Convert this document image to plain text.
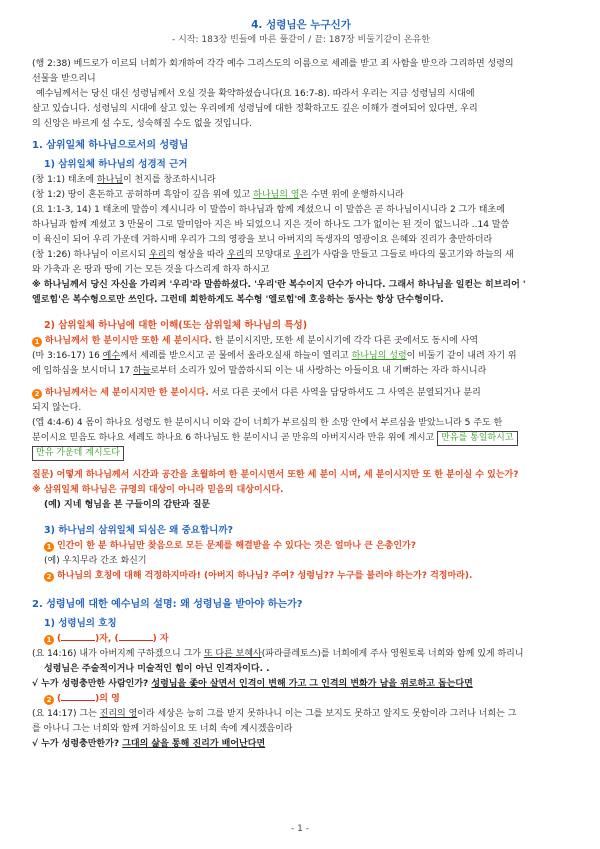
4. 성령님은 누구신가
- 시작: 183장 빈들에 마른 풀같이 / 끝: 187장 비둘기같이 온유한

(행 2:38) 베드로가 이르되 너희가 회개하여 각각 예수 그리스도의 이름으로 세례를 받고 죄 사함을 받으라 그리하면 성령의
선물을 받으리니

예수님께서는 당신 대신 성령님께서 오실 것을 확약하셨습니다(요 16:7-8). 따라서 우리는 지금 성령님의 시대에
살고 있습니다. 성령님의 시대에 살고 있는 우리에게 성령님에 대한 정확하고도 깊은 이해가 결여되어 있다면, 우리
의 신앙은 바르게 설 수도, 성숙해질 수도 없을 것입니다.

1. 삼위일체 하나님으로서의 성령님
1) 삼위일체 하나님의 성경적 근거

(창 1:1) 태초에 하나님이 천지를 창조하시니라

(창 1:2) 땅이 혼돈하고 공허하며 흑암이 깊음 위에 있고 하나님의 영은 수면 위에 운행하시니라

(요 1:1-3, 14) 1 태초에 말씀이 계시니라 이 말씀이 하나님과 함께 계셨으니 이 말씀은 곧 하나님이시니라 2 그가 태초에
하나님과 함께 계셨고 3 만물이 그로 말미암아 지은 바 되었으니 지은 것이 하나도 그가 없이는 된 것이 없느니라 ..14 말씀
이 육신이 되어 우리 가운데 거하시매 우리가 그의 영광을 보니 아버지의 독생자의 영광이요 은혜와 진리가 충만하더라

(창 1:26) 하나님이 이르시되 우리의 형상을 따라 우리의 모양대로 우리가 사람을 만들고 그들로 바다의 물고기와 하늘의 새
와 가축과 온 땅과 땅에 기는 모든 것을 다스리게 하자 하시고

※ 하나님께서 당신 자신을 가리켜 '우리'라 말씀하셨다. '우리'란 복수이지 단수가 아니다. 그래서 하나님을 일컫는 히브리어 '
엘로힘'은 복수형으로만 쓰인다. 그런데 희한하게도 복수형 '엘로힘'에 호응하는 동사는 항상 단수형이다.

2) 삼위일체 하나님에 대한 이해(또는 삼위일체 하나님의 특성)

1 하나님께서 한 분이시만 또한 세 분이시다. 한 분이시지만, 또한 세 분이시기에 각각 다른 곳에서도 동시에 사역

(마 3:16-17) 16 예수께서 세례를 받으시고 곧 물에서 올라오실새 하늘이 열리고 하나님의 성령이 비둘기 같이 내려 자기 위
에 임하심을 보시더니 17 하늘로부터 소리가 있어 말씀하시되 이는 내 사랑하는 아들이요 내 기뻐하는 자라 하시니라

2 하나님께서는 세 분이시지만 한 분이시다. 서로 다른 곳에서 다른 사역을 담당하셔도 그 사역은 분열되거나 분리
되지 않는다.

(엡 4:4-6) 4 몸이 하나요 성령도 한 분이시니 이와 같이 너희가 부르심의 한 소망 안에서 부르심을 받았느니라 5 주도 한
분이시요 믿음도 하나요 세례도 하나요 6 하나님도 한 분이시니 곧 만유의 아버지시라 만유 위에 계시고 만유를 통일하시고
만유 가운데 계시도다

질문) 어떻게 하나님께서 시간과 공간을 초월하여 한 분이시면서 또한 세 분이 시며, 세 분이시지만 또 한 분이실 수 있는가?

※ 삼위일체 하나님은 규명의 대상이 아니라 믿음의 대상이시다.

(예) 지네 형님을 본 구들이의 감탄과 질문

3) 하나님의 삼위일체 되심은 왜 중요합니까?

1 인간이 한 분 하나님만 찾음으로 모든 문제를 해결받을 수 있다는 것은 얼마나 큰 은총인가?

(예) 우치무라 간조 화신기

2 하나님의 호칭에 대해 걱정하지마라! (아버지 하나님? 주여? 성령님?? 누구를 불러야 하는가? 걱정마라).

2. 성령님에 대한 예수님의 설명: 왜 성령님을 받아야 하는가?
1) 성령님의 호칭

1 (	)자, (	) 자

(요 14:16) 내가 아버지께 구하겠으니 그가 또 다른 보혜사(파라클레토스)를 너희에게 주사 영원토록 너희와 함께 있게 하리니

성령님은 주술적이거나 미술적인 힘이 아닌 인격자이다. .

√ 누가 성령충만한 사람인가? 성령님을 좇아 살면서 인격이 변해 가고 그 인격의 변화가 남을 위로하고 돕는다면

2 (	)의 영

(요 14:17) 그는 진리의 영이라 세상은 능히 그를 받지 못하나니 이는 그를 보지도 못하고 알지도 못함이라 그러나 너희는 그
를 아나니 그는 너희와 함께 거하심이요 또 너희 속에 계시겠음이라

√ 누가 성령충만한가? 그대의 삶을 통해 진리가 배어난다면

- 1 -
